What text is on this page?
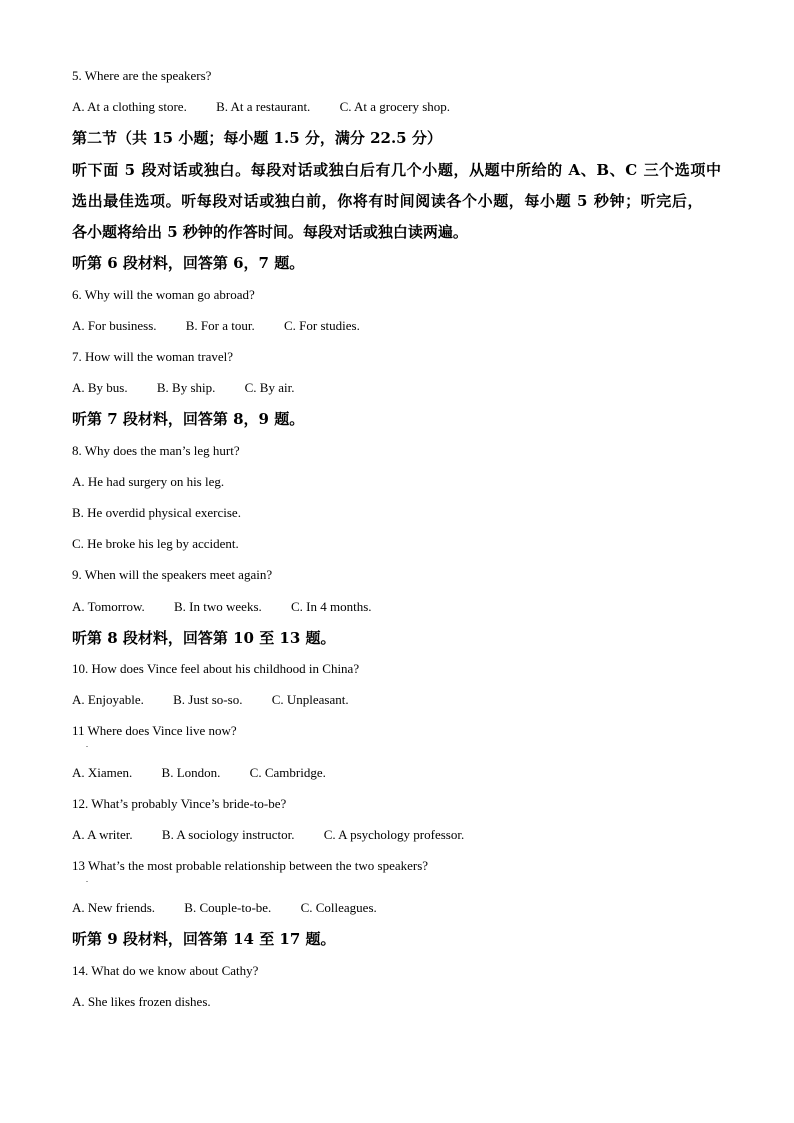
5. Where are the speakers?
A. At a clothing store. B. At a restaurant. C. At a grocery shop.
第二节（共 15 小题；每小题 1.5 分，满分 22.5 分）
听下面 5 段对话或独白。每段对话或独白后有几个小题，从题中所给的 A、B、C 三个选项中
选出最佳选项。听每段对话或独白前，你将有时间阅读各个小题，每小题 5 秒钟；听完后，
各小题将给出 5 秒钟的作答时间。每段对话或独白读两遍。
听第 6 段材料，回答第 6，7 题。
6. Why will the woman go abroad?
A. For business. B. For a tour. C. For studies.
7. How will the woman travel?
A. By bus. B. By ship. C. By air.
听第 7 段材料，回答第 8，9 题。
8. Why does the man’s leg hurt?
A. He had surgery on his leg.
B. He overdid physical exercise.
C. He broke his leg by accident.
9. When will the speakers meet again?
A. Tomorrow. B. In two weeks. C. In 4 months.
听第 8 段材料，回答第 10 至 13 题。
10. How does Vince feel about his childhood in China?
A. Enjoyable. B. Just so-so. C. Unpleasant.
11 Where does Vince live now?
.
A. Xiamen. B. London. C. Cambridge.
12. What’s probably Vince’s bride-to-be?
A. A writer. B. A sociology instructor. C. A psychology professor.
13 What’s the most probable relationship between the two speakers?
.
A. New friends. B. Couple-to-be. C. Colleagues.
听第 9 段材料，回答第 14 至 17 题。
14. What do we know about Cathy?
A. She likes frozen dishes.
